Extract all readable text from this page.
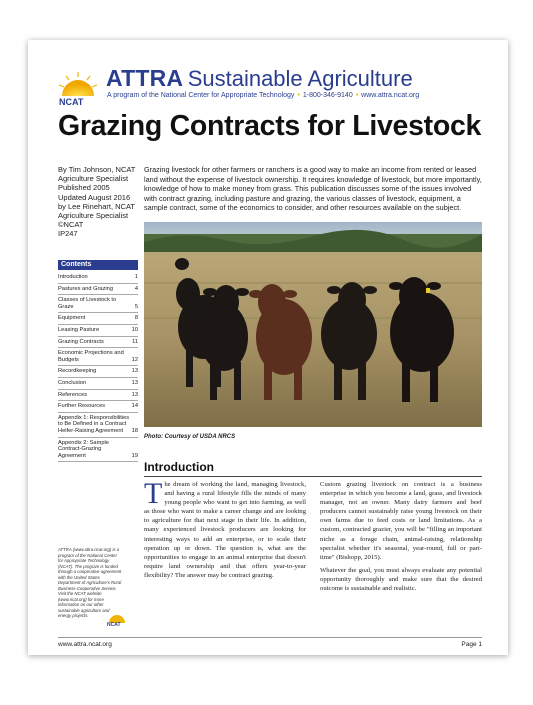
NCAT
ATTRA Sustainable Agriculture
A program of the National Center for Appropriate Technology • 1-800-346-9140 • www.attra.ncat.org
Grazing Contracts for Livestock
By Tim Johnson, NCAT
Agriculture Specialist
Published 2005
Updated August 2016
by Lee Rinehart, NCAT
Agriculture Specialist
©NCAT
IP247
Contents
Introduction	1
Pastures and Grazing	4
Classes of Livestock to Graze	5
Equipment	8
Leasing Pasture	10
Grazing Contracts	11
Economic Projections and Budgets	12
Recordkeeping	13
Conclusion	13
References	13
Further Resources	14
Appendix 1: Responsibilities to Be Defined in a Contract Heifer-Raising Agreement	18
Appendix 2: Sample Contract-Grazing Agreement	19
ATTRA (www.attra.ncat.org) is a program of the National Center for Appropriate Technology (NCAT). The program is funded through a cooperative agreement with the United States Department of Agriculture's Rural Business-Cooperative Service. Visit the NCAT website (www.ncat.org) for more information on our other sustainable agriculture and energy projects.
NCAT
Grazing livestock for other farmers or ranchers is a good way to make an income from rented or leased land without the expense of livestock ownership. It requires knowledge of livestock, but more importantly, knowledge of how to make money from grass. This publication discusses some of the issues involved with contract grazing, including pasture and grazing, the various classes of livestock, equipment, a sample contract, some of the economics to consider, and other resources available on the subject.
Photo: Courtesy of USDA NRCS
Introduction

The dream of working the land, managing livestock, and having a rural lifestyle fills the minds of many young people who want to get into farming, as well as those who want to make a career change and are looking to agriculture for that next stage in their life. In addition, many experienced livestock producers are looking for interesting ways to add an enterprise, or to scale their operation up or down. The question is, what are the opportunities to engage in an animal enterprise that doesn't require land ownership and that offers year-to-year flexibility? The answer may be contract grazing.

Custom grazing livestock on contract is a business enterprise in which you become a land, grass, and livestock manager, not an owner. Many dairy farmers and beef producers cannot sustainably raise young livestock on their own farms due to feed costs or land limitations. As a custom, contracted grazier, you will be "filling an important niche as a forage chain, animal-raising, relationship specialist whether it's seasonal, year-round, full or part-time" (Bishopp, 2015).

Whatever the goal, you must always evaluate any potential opportunity thoroughly and make sure that the desired outcome is sustainable and realistic.

www.attra.ncat.org	Page 1
